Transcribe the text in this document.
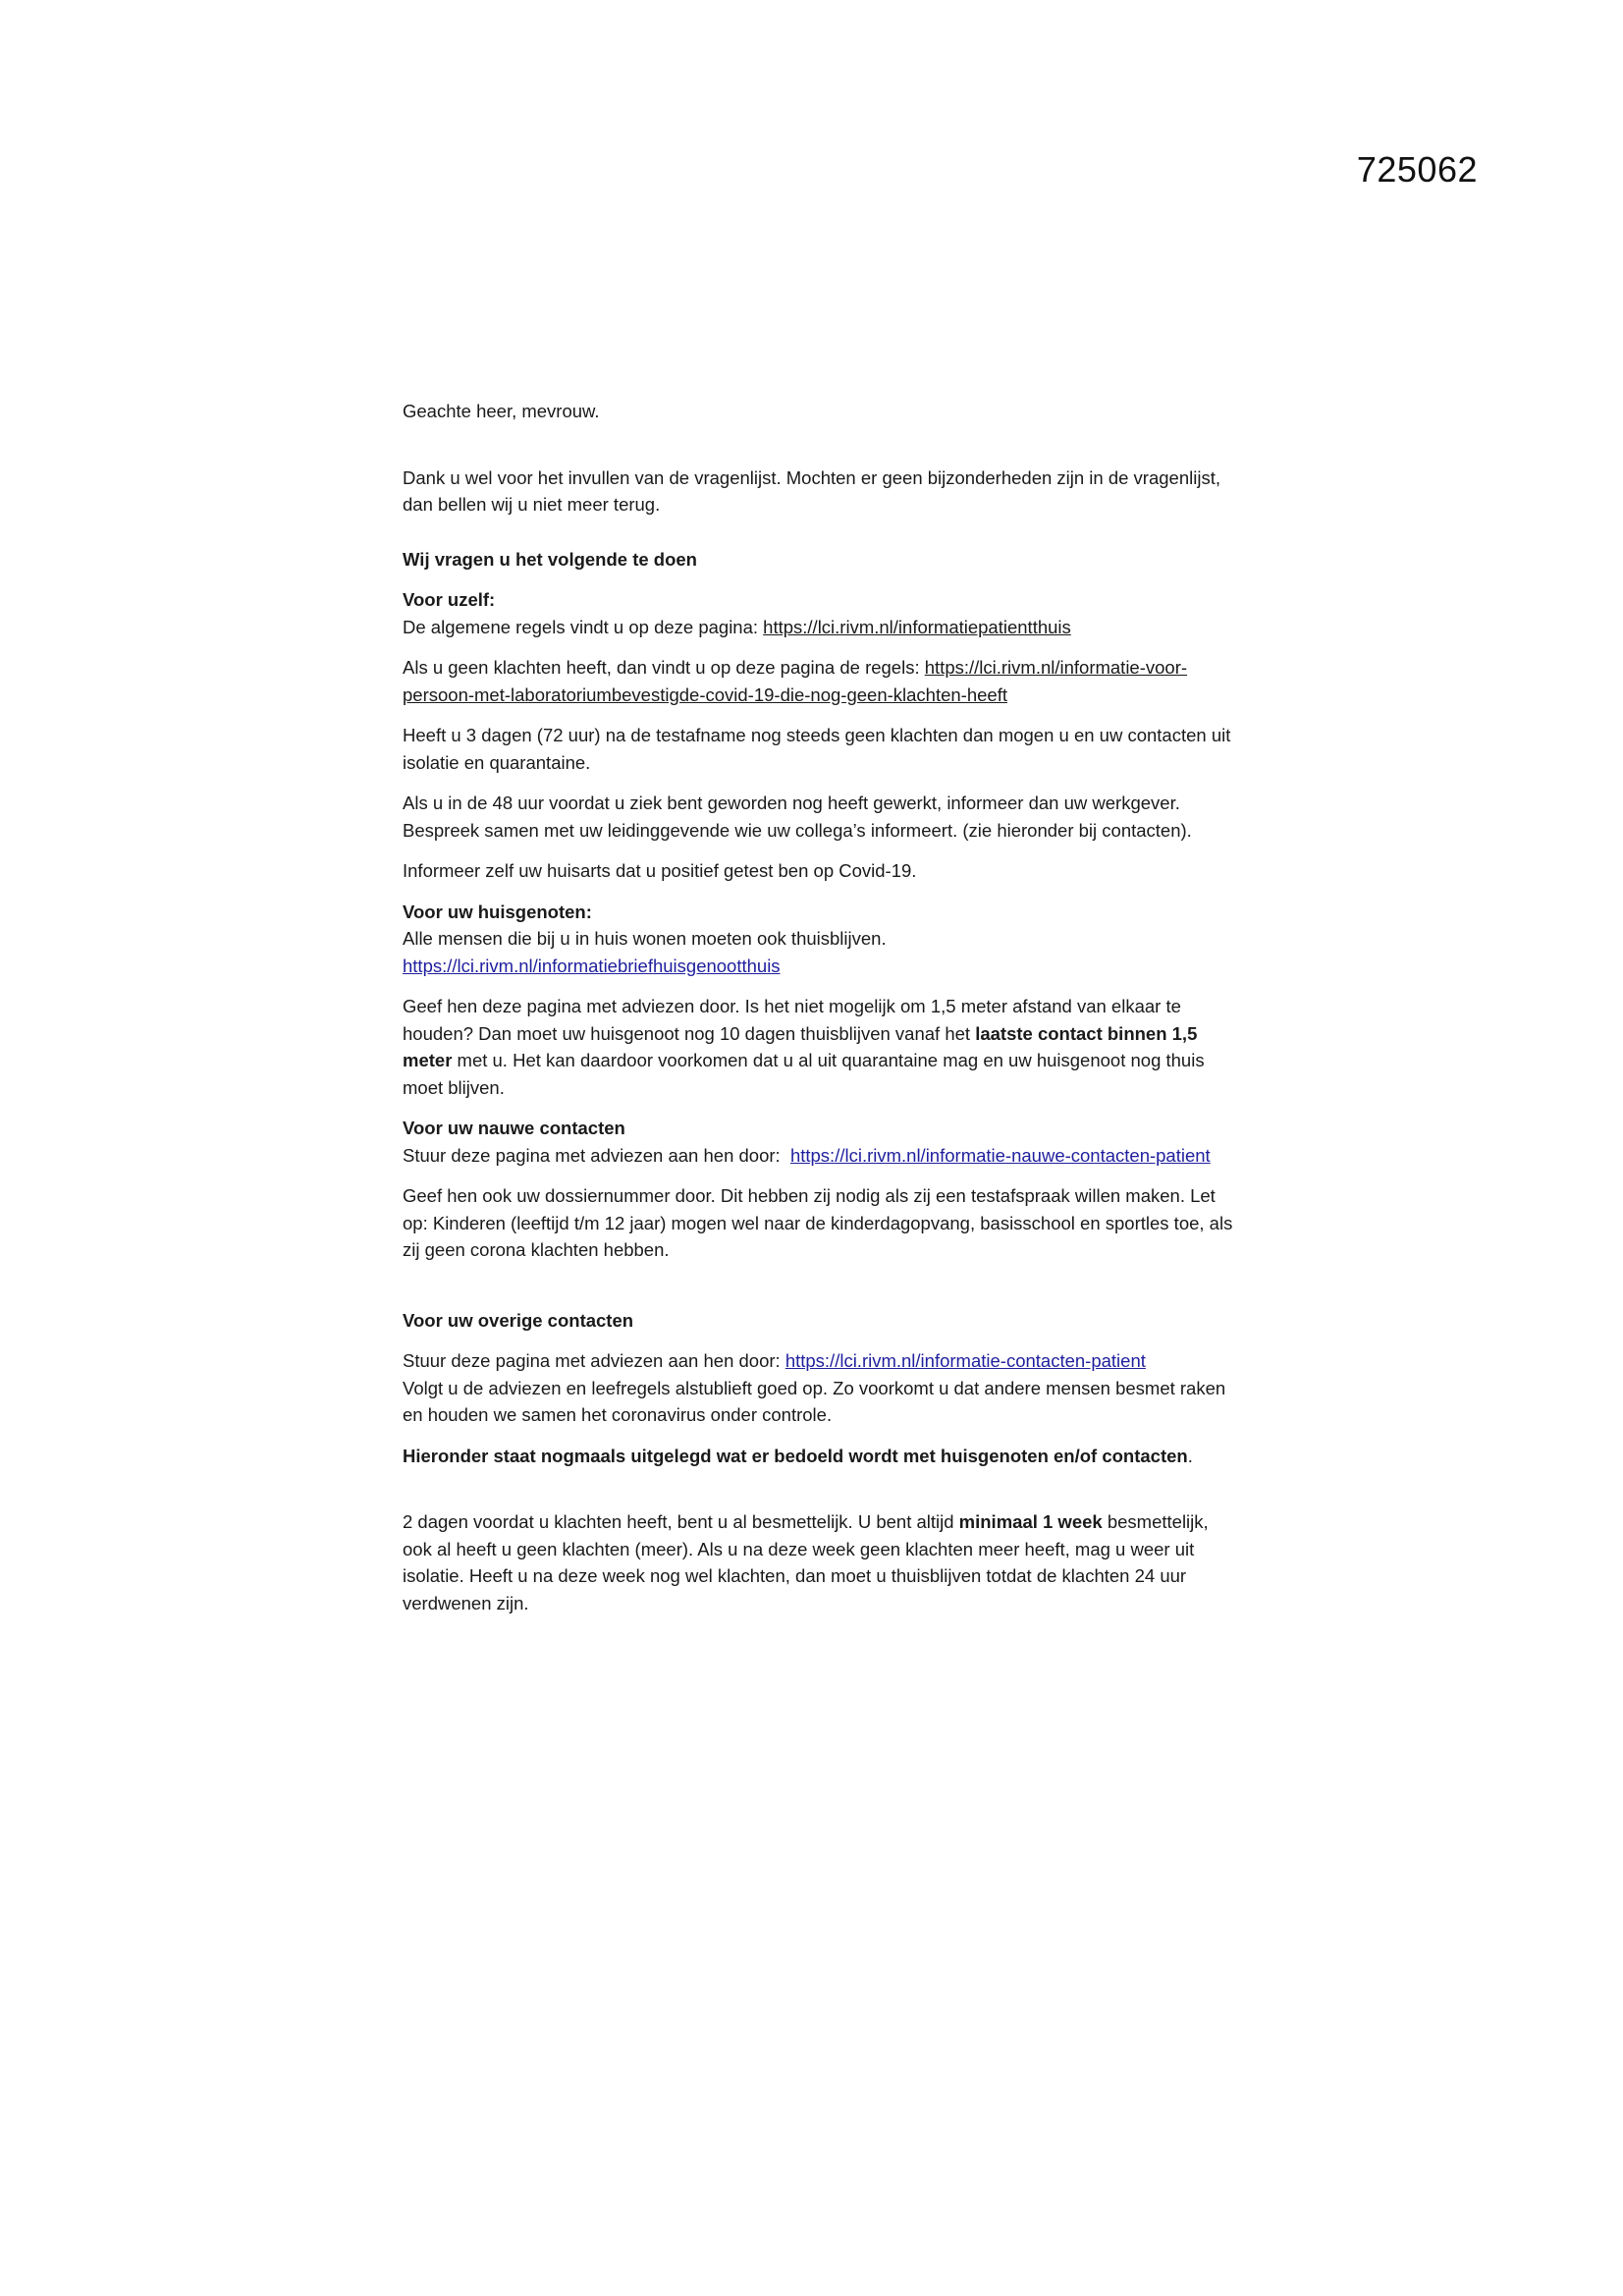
725062

Geachte heer, mevrouw.

Dank u wel voor het invullen van de vragenlijst. Mochten er geen bijzonderheden zijn in de vragenlijst, dan bellen wij u niet meer terug.

Wij vragen u het volgende te doen

Voor uzelf:

De algemene regels vindt u op deze pagina: https://lci.rivm.nl/informatiepatientthuis

Als u geen klachten heeft, dan vindt u op deze pagina de regels: https://lci.rivm.nl/informatie-voor-persoon-met-laboratoriumbevestigde-covid-19-die-nog-geen-klachten-heeft

Heeft u 3 dagen (72 uur) na de testafname nog steeds geen klachten dan mogen u en uw contacten uit isolatie en quarantaine.

Als u in de 48 uur voordat u ziek bent geworden nog heeft gewerkt, informeer dan uw werkgever. Bespreek samen met uw leidinggevende wie uw collega’s informeert. (zie hieronder bij contacten).

Informeer zelf uw huisarts dat u positief getest ben op Covid-19.

Voor uw huisgenoten:

Alle mensen die bij u in huis wonen moeten ook thuisblijven.

https://lci.rivm.nl/informatiebriefhuisgenootthuis

Geef hen deze pagina met adviezen door. Is het niet mogelijk om 1,5 meter afstand van elkaar te houden? Dan moet uw huisgenoot nog 10 dagen thuisblijven vanaf het laatste contact binnen 1,5 meter met u. Het kan daardoor voorkomen dat u al uit quarantaine mag en uw huisgenoot nog thuis moet blijven.

Voor uw nauwe contacten

Stuur deze pagina met adviezen aan hen door:  https://lci.rivm.nl/informatie-nauwe-contacten-patient

Geef hen ook uw dossiernummer door. Dit hebben zij nodig als zij een testafspraak willen maken. Let op: Kinderen (leeftijd t/m 12 jaar) mogen wel naar de kinderdagopvang, basisschool en sportles toe, als zij geen corona klachten hebben.

Voor uw overige contacten

Stuur deze pagina met adviezen aan hen door: https://lci.rivm.nl/informatie-contacten-patient

Volgt u de adviezen en leefregels alstublieft goed op. Zo voorkomt u dat andere mensen besmet raken en houden we samen het coronavirus onder controle.

Hieronder staat nogmaals uitgelegd wat er bedoeld wordt met huisgenoten en/of contacten.

2 dagen voordat u klachten heeft, bent u al besmettelijk. U bent altijd minimaal 1 week besmettelijk, ook al heeft u geen klachten (meer). Als u na deze week geen klachten meer heeft, mag u weer uit isolatie. Heeft u na deze week nog wel klachten, dan moet u thuisblijven totdat de klachten 24 uur verdwenen zijn.
